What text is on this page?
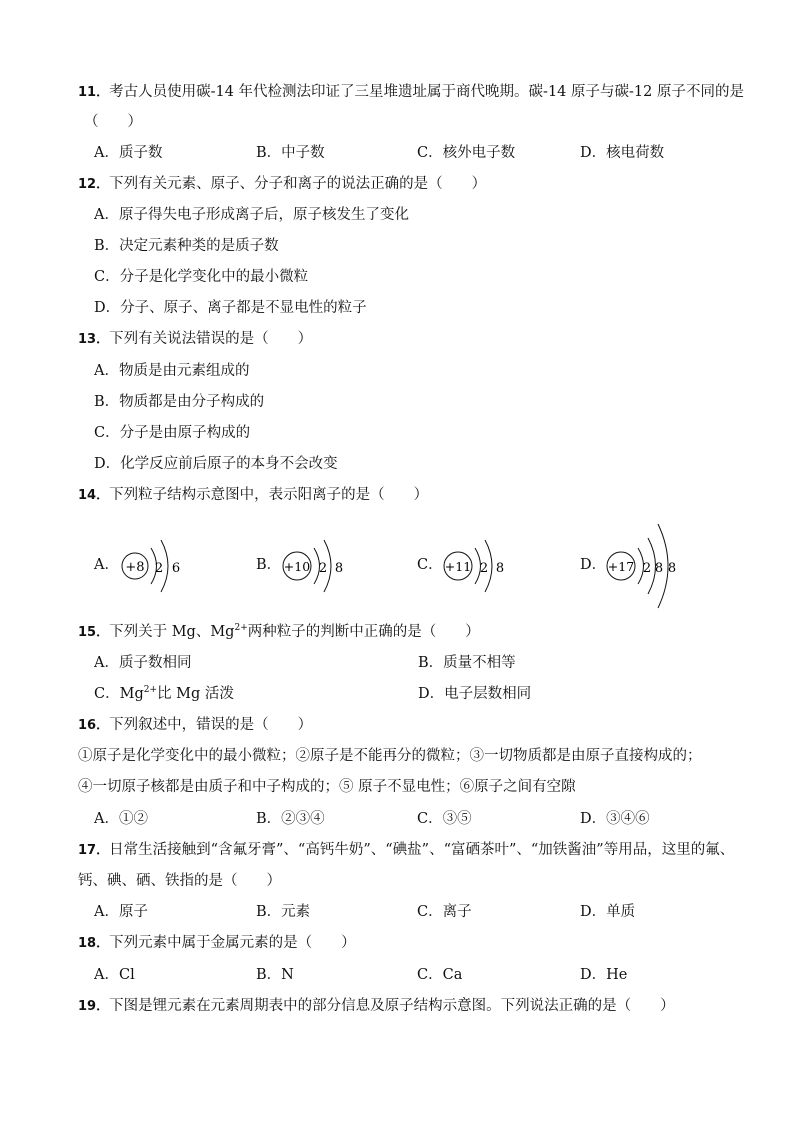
11．考古人员使用碳-14 年代检测法印证了三星堆遗址属于商代晚期。碳-14 原子与碳-12 原子不同的是
（　　）
A．质子数	B．中子数	C．核外电子数	D．核电荷数
12．下列有关元素、原子、分子和离子的说法正确的是（　　）
A．原子得失电子形成离子后，原子核发生了变化
B．决定元素种类的是质子数
C．分子是化学变化中的最小微粒
D．分子、原子、离子都是不显电性的粒子
13．下列有关说法错误的是（　　）
A．物质是由元素组成的
B．物质都是由分子构成的
C．分子是由原子构成的
D．化学反应前后原子的本身不会改变
14．下列粒子结构示意图中，表示阳离子的是（　　）
A． +8 2 6	B． +10 2 8	C． +11 2 8	D． +17 2 8 8
15．下列关于 Mg、$Mg^{2+}$两种粒子的判断中正确的是（　　）
A．质子数相同	B．质量不相等
C．$Mg^{2+}$比 Mg 活泼	D．电子层数相同
16．下列叙述中，错误的是（　　）
①原子是化学变化中的最小微粒；②原子是不能再分的微粒；③一切物质都是由原子直接构成的；
④一切原子核都是由质子和中子构成的；⑤ 原子不显电性；⑥原子之间有空隙
A．①②	B．②③④	C．③⑤	D．③④⑥
17．日常生活接触到“含氟牙膏”、“高钙牛奶”、“碘盐”、“富硒茶叶”、“加铁酱油”等用品，这里的氟、
钙、碘、硒、铁指的是（　　）
A．原子	B．元素	C．离子	D．单质
18．下列元素中属于金属元素的是（　　）
A．Cl	B．N	C．Ca	D．He
19．下图是锂元素在元素周期表中的部分信息及原子结构示意图。下列说法正确的是（　　）
